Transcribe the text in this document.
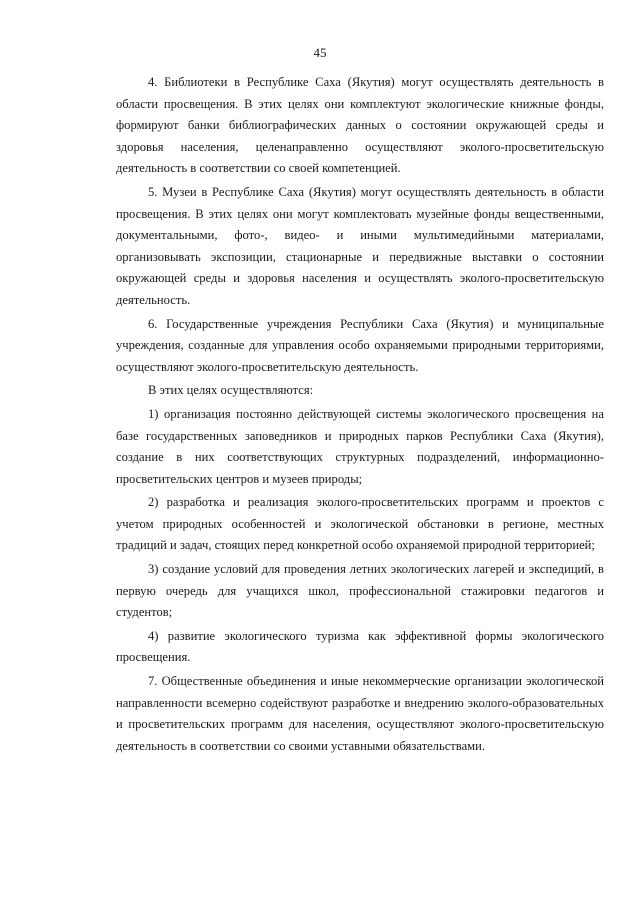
45

4. Библиотеки в Республике Саха (Якутия) могут осуществлять деятельность в области просвещения. В этих целях они комплектуют экологические книжные фонды, формируют банки библиографических данных о состоянии окружающей среды и здоровья населения, целенаправленно осуществляют эколого-просветительскую деятельность в соответствии со своей компетенцией.

5. Музеи в Республике Саха (Якутия) могут осуществлять деятельность в области просвещения. В этих целях они могут комплектовать музейные фонды вещественными, документальными, фото-, видео- и иными мультимедийными материалами, организовывать экспозиции, стационарные и передвижные выставки о состоянии окружающей среды и здоровья населения и осуществлять эколого-просветительскую деятельность.

6. Государственные учреждения Республики Саха (Якутия) и муниципальные учреждения, созданные для управления особо охраняемыми природными территориями, осуществляют эколого-просветительскую деятельность.

В этих целях осуществляются:

1) организация постоянно действующей системы экологического просвещения на базе государственных заповедников и природных парков Республики Саха (Якутия), создание в них соответствующих структурных подразделений, информационно-просветительских центров и музеев природы;

2) разработка и реализация эколого-просветительских программ и проектов с учетом природных особенностей и экологической обстановки в регионе, местных традиций и задач, стоящих перед конкретной особо охраняемой природной территорией;

3) создание условий для проведения летних экологических лагерей и экспедиций, в первую очередь для учащихся школ, профессиональной стажировки педагогов и студентов;

4) развитие экологического туризма как эффективной формы экологического просвещения.

7. Общественные объединения и иные некоммерческие организации экологической направленности всемерно содействуют разработке и внедрению эколого-образовательных и просветительских программ для населения, осуществляют эколого-просветительскую деятельность в соответствии со своими уставными обязательствами.
